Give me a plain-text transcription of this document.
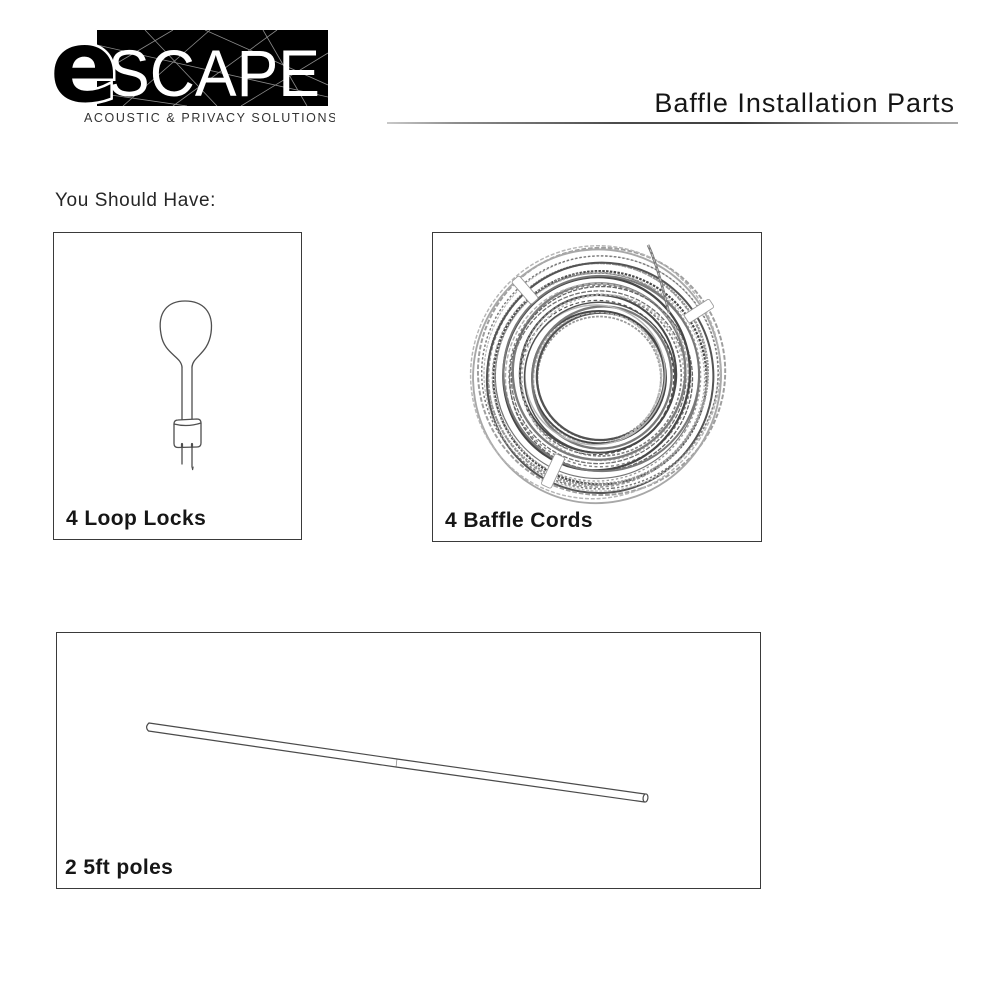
SCAPE
e
ACOUSTIC & PRIVACY SOLUTIONS	Baffle Installation Parts
You Should Have:
4 Loop Locks	4 Baffle Cords
2 5ft poles
